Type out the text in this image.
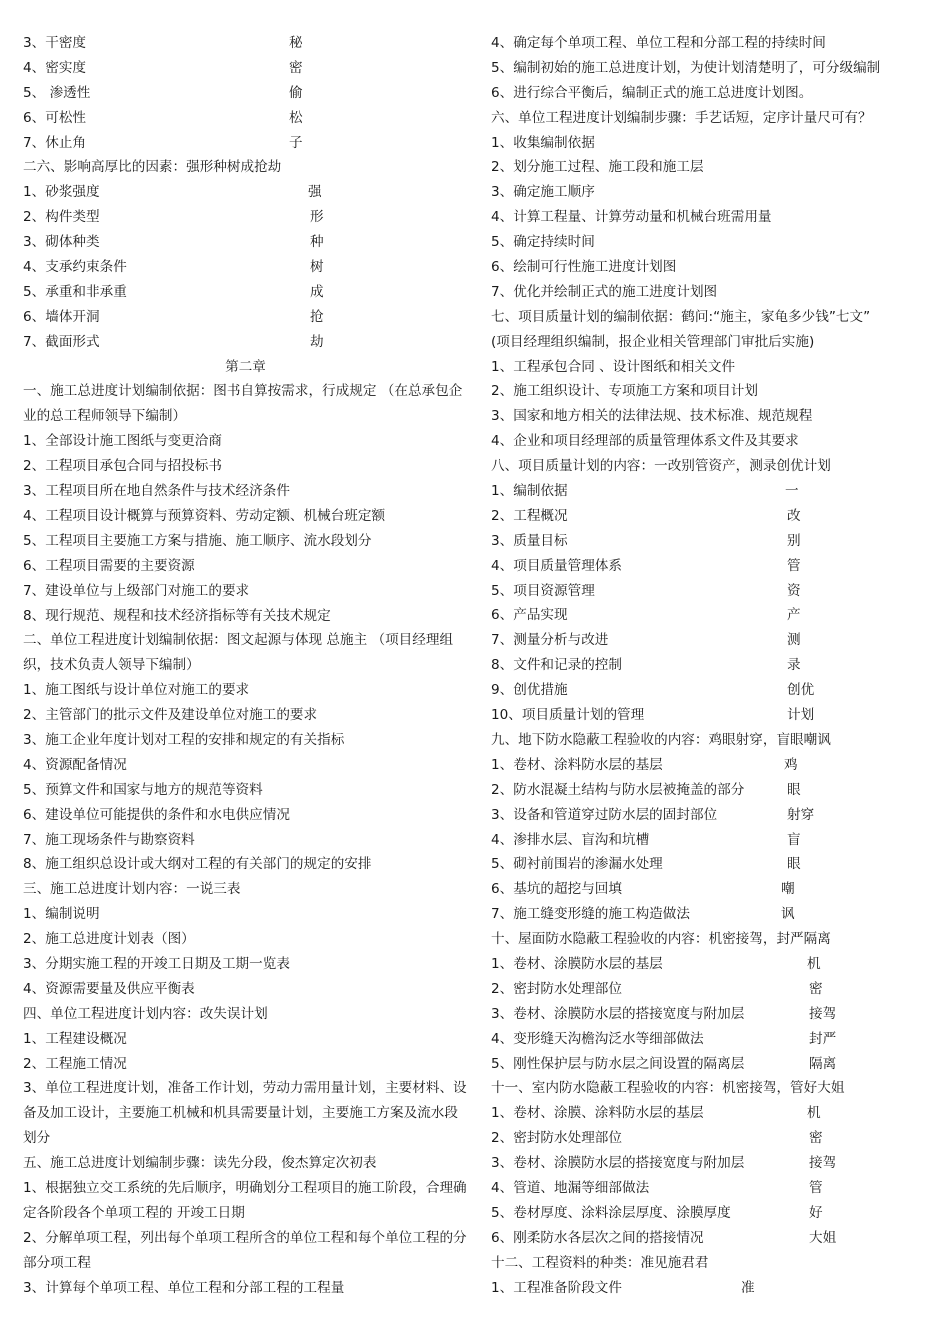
3、干密度	秘
4、密实度	密
5、 渗透性	偷
6、可松性	松
7、休止角	子
二六、影响高厚比的因素：强形种树成抢劫
1、砂浆强度	强
2、构件类型	形
3、砌体种类	种
4、支承约束条件	树
5、承重和非承重	成
6、墙体开洞	抢
7、截面形式	劫
第二章
一、施工总进度计划编制依据：图书自算按需求，行成规定 （在总承包企业的总工程师领导下编制）
1、全部设计施工图纸与变更洽商
2、工程项目承包合同与招投标书
3、工程项目所在地自然条件与技术经济条件
4、工程项目设计概算与预算资料、劳动定额、机械台班定额
5、工程项目主要施工方案与措施、施工顺序、流水段划分
6、工程项目需要的主要资源
7、建设单位与上级部门对施工的要求
8、现行规范、规程和技术经济指标等有关技术规定
二、单位工程进度计划编制依据：图文起源与体现 总施主 （项目经理组织，技术负责人领导下编制）
1、施工图纸与设计单位对施工的要求
2、主管部门的批示文件及建设单位对施工的要求
3、施工企业年度计划对工程的安排和规定的有关指标
4、资源配备情况
5、预算文件和国家与地方的规范等资料
6、建设单位可能提供的条件和水电供应情况
7、施工现场条件与勘察资料
8、施工组织总设计或大纲对工程的有关部门的规定的安排
三、施工总进度计划内容：一说三表
1、编制说明
2、施工总进度计划表（图）
3、分期实施工程的开竣工日期及工期一览表
4、资源需要量及供应平衡表
四、单位工程进度计划内容：改失误计划
1、工程建设概况
2、工程施工情况
3、单位工程进度计划，准备工作计划，劳动力需用量计划，主要材料、设备及加工设计，主要施工机械和机具需要量计划，主要施工方案及流水段划分
五、施工总进度计划编制步骤：读先分段，俊杰算定次初表
1、根据独立交工系统的先后顺序，明确划分工程项目的施工阶段，合理确定各阶段各个单项工程的 开竣工日期
2、分解单项工程，列出每个单项工程所含的单位工程和每个单位工程的分部分项工程
3、计算每个单项工程、单位工程和分部工程的工程量
4、确定每个单项工程、单位工程和分部工程的持续时间
5、编制初始的施工总进度计划，为使计划清楚明了，可分级编制
6、进行综合平衡后，编制正式的施工总进度计划图。
六、单位工程进度计划编制步骤：手艺话短，定序计量尺可有？
1、收集编制依据
2、划分施工过程、施工段和施工层
3、确定施工顺序
4、计算工程量、计算劳动量和机械台班需用量
5、确定持续时间
6、绘制可行性施工进度计划图
7、优化并绘制正式的施工进度计划图
七、项目质量计划的编制依据：鹤问:“施主，家龟多少钱”七文”
(项目经理组织编制，报企业相关管理部门审批后实施)
1、工程承包合同 、设计图纸和相关文件
2、施工组织设计、专项施工方案和项目计划
3、国家和地方相关的法律法规、技术标准、规范规程
4、企业和项目经理部的质量管理体系文件及其要求
八、项目质量计划的内容：一改别管资产，测录创优计划
1、编制依据	一
2、工程概况	改
3、质量目标	别
4、项目质量管理体系	管
5、项目资源管理	资
6、产品实现	产
7、测量分析与改进	测
8、文件和记录的控制	录
9、创优措施	创优
10、项目质量计划的管理	计划
九、地下防水隐蔽工程验收的内容：鸡眼射穿，盲眼嘲讽
1、卷材、涂料防水层的基层	鸡
2、防水混凝土结构与防水层被掩盖的部分	眼
3、设备和管道穿过防水层的固封部位	射穿
4、渗排水层、盲沟和坑槽	盲
5、砌衬前围岩的渗漏水处理	眼
6、基坑的超挖与回填	嘲
7、施工缝变形缝的施工构造做法	讽
十、屋面防水隐蔽工程验收的内容：机密接驾，封严隔离
1、卷材、涂膜防水层的基层	机
2、密封防水处理部位	密
3、卷材、涂膜防水层的搭接宽度与附加层	接驾
4、变形缝天沟檐沟泛水等细部做法	封严
5、刚性保护层与防水层之间设置的隔离层	隔离
十一、室内防水隐蔽工程验收的内容：机密接驾，管好大姐
1、卷材、涂膜、涂料防水层的基层	机
2、密封防水处理部位	密
3、卷材、涂膜防水层的搭接宽度与附加层	接驾
4、管道、地漏等细部做法	管
5、卷材厚度、涂料涂层厚度、涂膜厚度	好
6、刚柔防水各层次之间的搭接情况	大姐
十二、工程资料的种类：准见施君君
1、工程准备阶段文件	准
